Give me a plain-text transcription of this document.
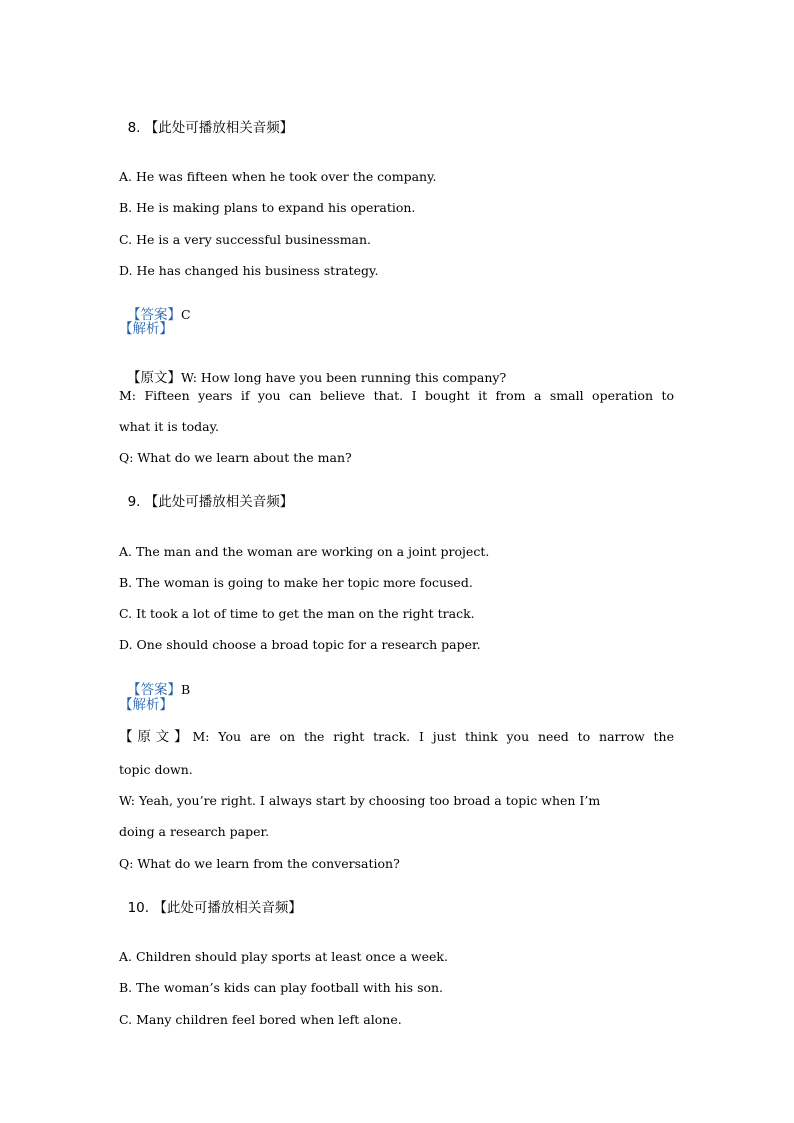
8. 【此处可播放相关音频】

A. He was fifteen when he took over the company.
B. He is making plans to expand his operation.
C. He is a very successful businessman.
D. He has changed his business strategy.

【答案】C

【解析】

【原文】W: How long have you been running this company?

M: Fifteen years if you can believe that. I bought it from a small operation to
what it is today.
Q: What do we learn about the man?

9. 【此处可播放相关音频】

A. The man and the woman are working on a joint project.
B. The woman is going to make her topic more focused.
C. It took a lot of time to get the man on the right track.
D. One should choose a broad topic for a research paper.

【答案】B

【解析】
【原文】M: You are on the right track. I just think you need to narrow the
topic down.
W: Yeah, you’re right. I always start by choosing too broad a topic when I’m
doing a research paper.
Q: What do we learn from the conversation?

10. 【此处可播放相关音频】

A. Children should play sports at least once a week.
B. The woman’s kids can play football with his son.
C. Many children feel bored when left alone.
